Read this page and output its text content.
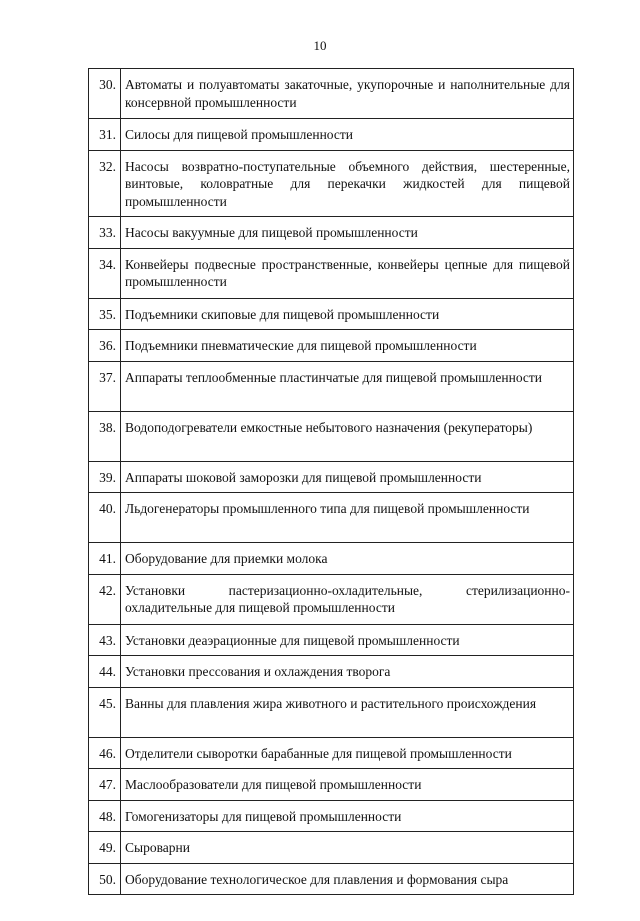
10
30.	Автоматы и полуавтоматы закаточные, укупорочные и наполнительные для консервной промышленности
31.	Силосы для пищевой промышленности
32.	Насосы возвратно-поступательные объемного действия, шестеренные, винтовые, коловратные для перекачки жидкостей для пищевой промышленности
33.	Насосы вакуумные для пищевой промышленности
34.	Конвейеры подвесные пространственные, конвейеры цепные для пищевой промышленности
35.	Подъемники скиповые для пищевой промышленности
36.	Подъемники пневматические для пищевой промышленности
37.	Аппараты теплообменные пластинчатые для пищевой промышленности
38.	Водоподогреватели емкостные небытового назначения (рекуператоры)
39.	Аппараты шоковой заморозки для пищевой промышленности
40.	Льдогенераторы промышленного типа для пищевой промышленности
41.	Оборудование для приемки молока
42.	Установки пастеризационно-охладительные, стерилизационно-охладительные для пищевой промышленности
43.	Установки деаэрационные для пищевой промышленности
44.	Установки прессования и охлаждения творога
45.	Ванны для плавления жира животного и растительного происхождения
46.	Отделители сыворотки барабанные для пищевой промышленности
47.	Маслообразователи для пищевой промышленности
48.	Гомогенизаторы для пищевой промышленности
49.	Сыроварни
50.	Оборудование технологическое для плавления и формования сыра
